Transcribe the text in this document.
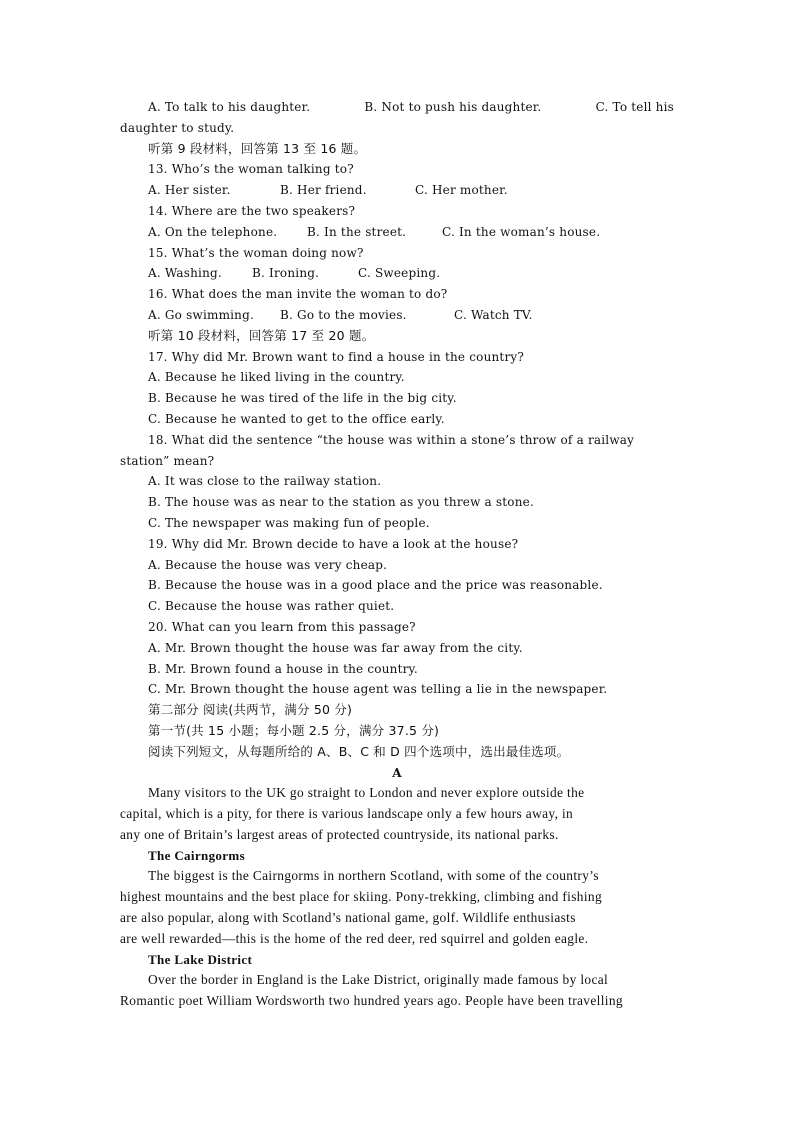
A. To talk to his daughter.	B. Not to push his daughter.	C. To tell his
daughter to study.
听第 9 段材料，回答第 13 至 16 题。
13. Who’s the woman talking to?
A. Her sister.	B. Her friend.	C. Her mother.
14. Where are the two speakers?
A. On the telephone.	B. In the street.	C. In the woman’s house.
15. What’s the woman doing now?
A. Washing.	B. Ironing.	C. Sweeping.
16. What does the man invite the woman to do?
A. Go swimming.	B. Go to the movies.	C. Watch TV.
听第 10 段材料，回答第 17 至 20 题。
17. Why did Mr. Brown want to find a house in the country?
A. Because he liked living in the country.
B. Because he was tired of the life in the big city.
C. Because he wanted to get to the office early.
18. What did the sentence “the house was within a stone’s throw of a railway
station” mean?
A. It was close to the railway station.
B. The house was as near to the station as you threw a stone.
C. The newspaper was making fun of people.
19. Why did Mr. Brown decide to have a look at the house?
A. Because the house was very cheap.
B. Because the house was in a good place and the price was reasonable.
C. Because the house was rather quiet.
20. What can you learn from this passage?
A. Mr. Brown thought the house was far away from the city.
B. Mr. Brown found a house in the country.
C. Mr. Brown thought the house agent was telling a lie in the newspaper.
第二部分 阅读(共两节，满分 50 分)
第一节(共 15 小题；每小题 2.5 分，满分 37.5 分)
阅读下列短文，从每题所给的 A、B、C 和 D 四个选项中，选出最佳选项。
A
Many visitors to the UK go straight to London and never explore outside the
capital, which is a pity, for there is various landscape only a few hours away, in
any one of Britain’s largest areas of protected countryside, its national parks.
The Cairngorms
The biggest is the Cairngorms in northern Scotland, with some of the country’s
highest mountains and the best place for skiing. Pony-trekking, climbing and fishing
are also popular, along with Scotland’s national game, golf. Wildlife enthusiasts
are well rewarded—this is the home of the red deer, red squirrel and golden eagle.
The Lake District
Over the border in England is the Lake District, originally made famous by local
Romantic poet William Wordsworth two hundred years ago. People have been travelling
